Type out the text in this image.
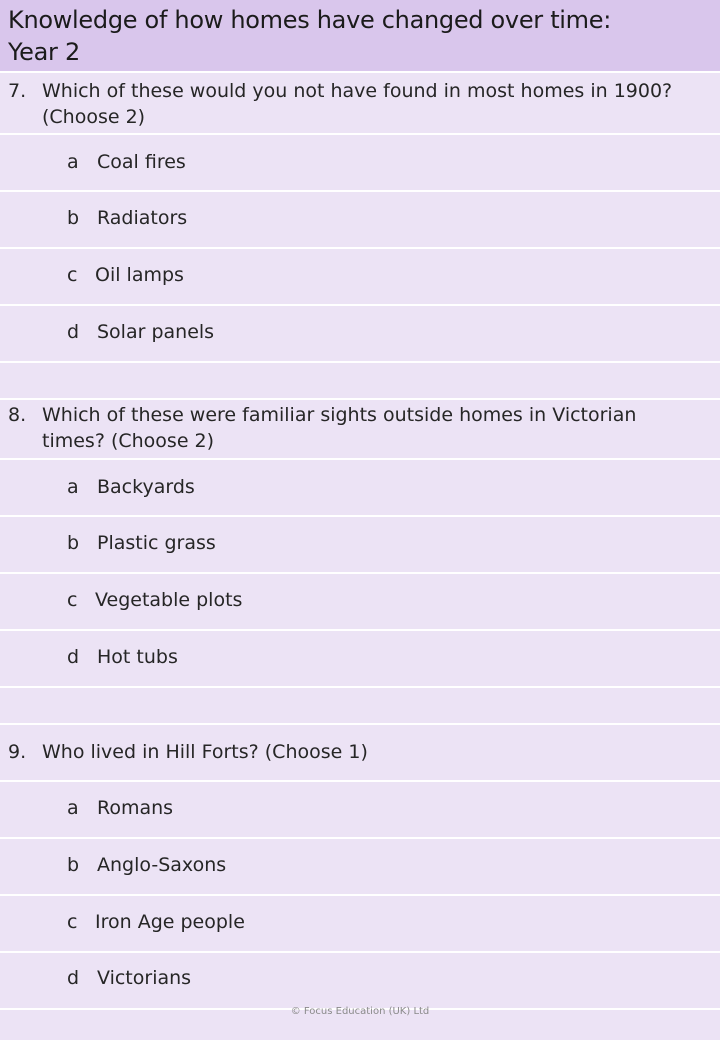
Knowledge of how homes have changed over time:
Year 2
7. Which of these would you not have found in most homes in 1900?
(Choose 2)
a Coal fires
b Radiators
c Oil lamps
d Solar panels
8. Which of these were familiar sights outside homes in Victorian
times? (Choose 2)
a Backyards
b Plastic grass
c Vegetable plots
d Hot tubs
9. Who lived in Hill Forts? (Choose 1)
a Romans
b Anglo-Saxons
c Iron Age people
d Victorians
© Focus Education (UK) Ltd
